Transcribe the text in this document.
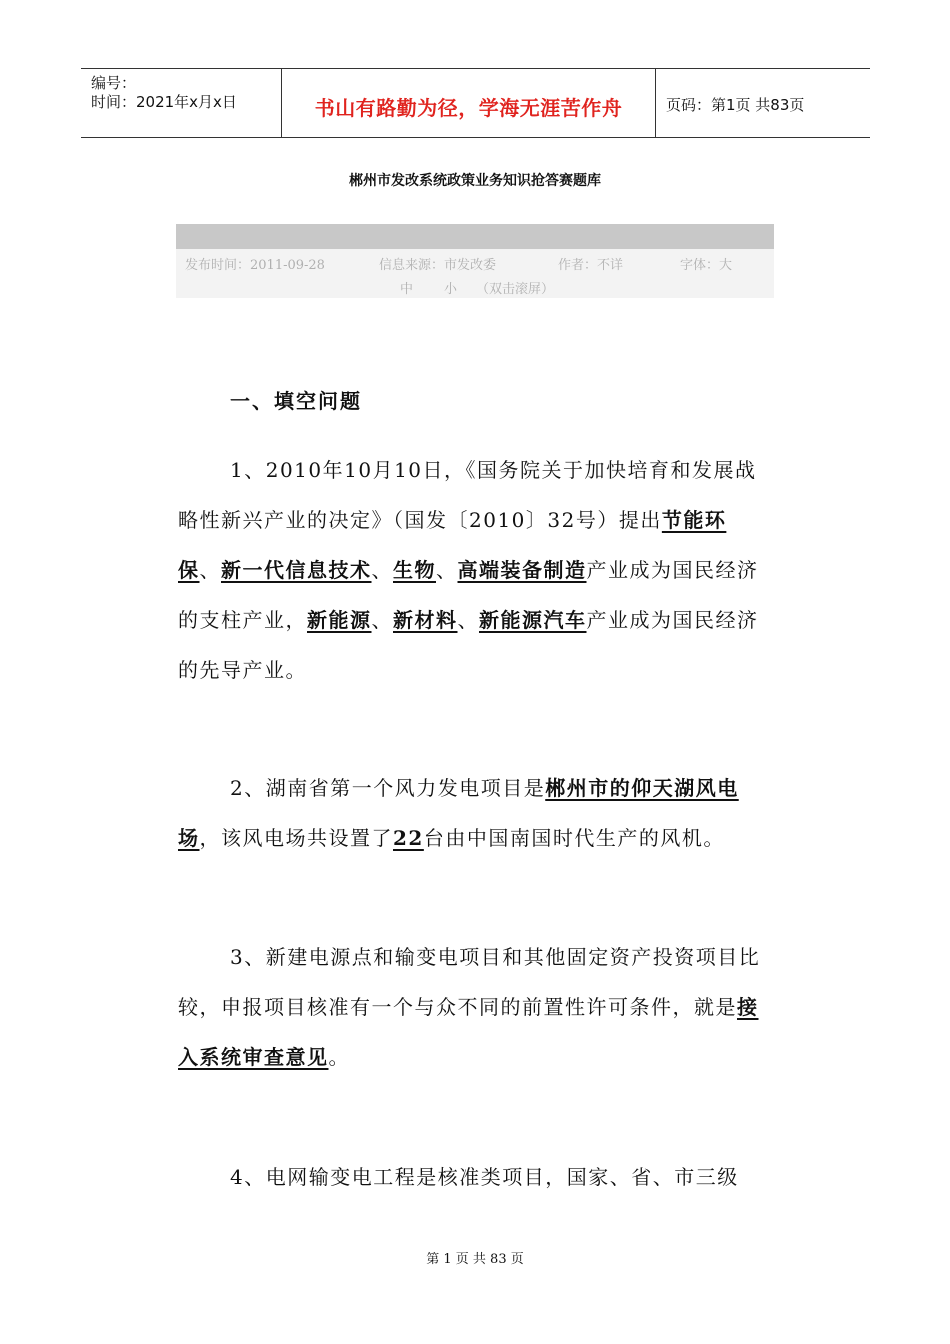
编号：
时间：2021年x月x日	书山有路勤为径，学海无涯苦作舟	页码：第1页 共83页
郴州市发改系统政策业务知识抢答赛题库
发布时间：2011-09-28	信息来源：市发改委	作者：不详	字体：大
中 小 （双击滚屏）
一、填空问题
1、2010年10月10日，《国务院关于加快培育和发展战略性新兴产业的决定》（国发〔2010〕32号）提出节能环保、新一代信息技术、生物、高端装备制造产业成为国民经济的支柱产业，新能源、新材料、新能源汽车产业成为国民经济的先导产业。
2、湖南省第一个风力发电项目是郴州市的仰天湖风电场，该风电场共设置了22台由中国南国时代生产的风机。
3、新建电源点和输变电项目和其他固定资产投资项目比较，申报项目核准有一个与众不同的前置性许可条件，就是接入系统审查意见。
4、电网输变电工程是核准类项目，国家、省、市三级
第 1 页 共 83 页
